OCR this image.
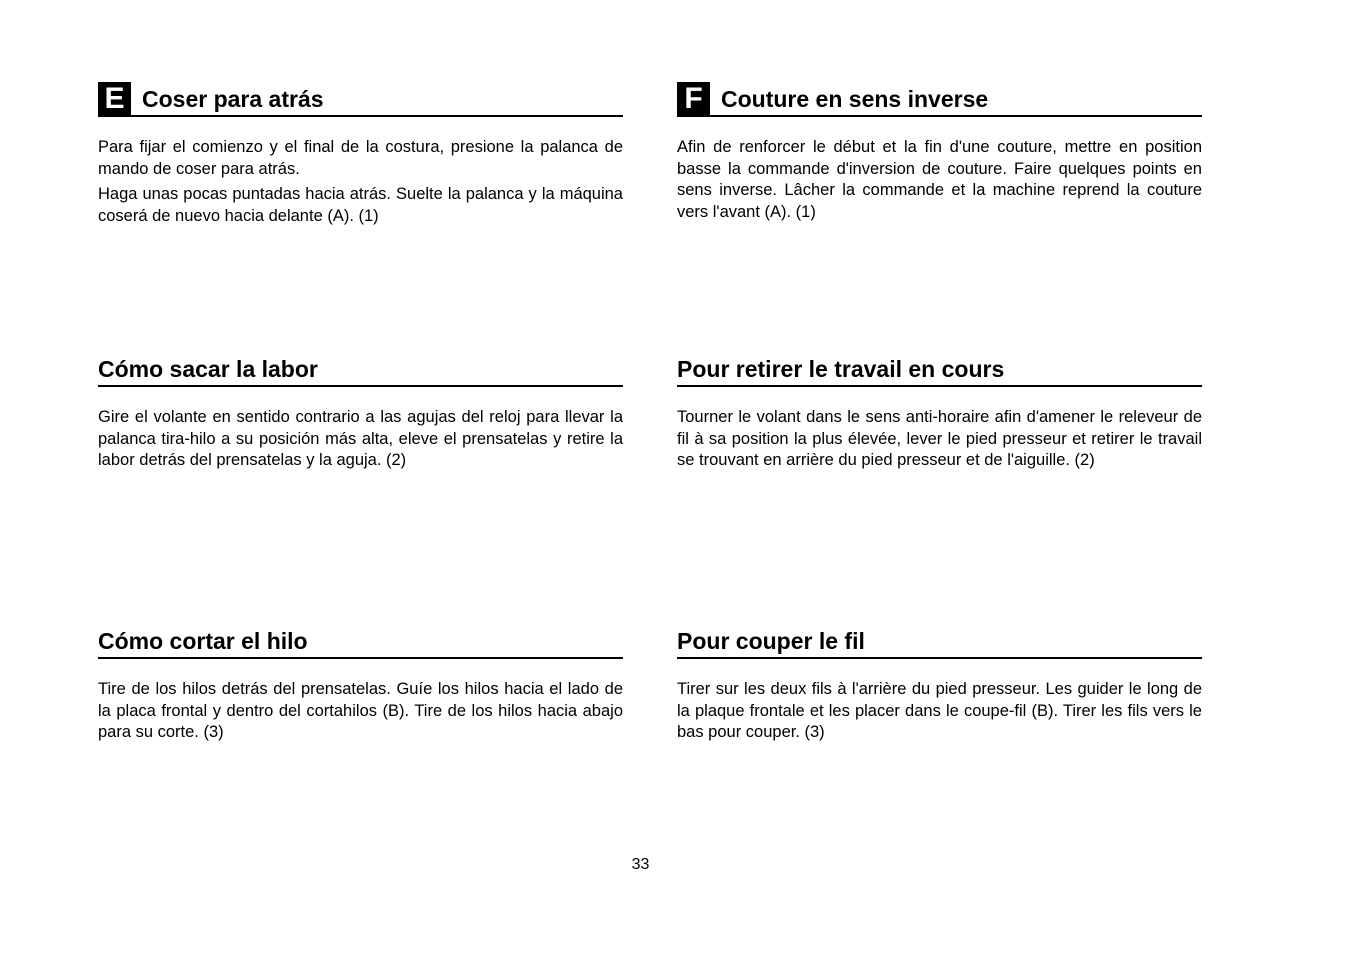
E Coser para atrás

Para fijar el comienzo y el final de la costura, presione la palanca de mando de coser para atrás.

Haga unas pocas puntadas hacia atrás. Suelte la palanca y la máquina coserá de nuevo hacia delante (A). (1)

Cómo sacar la labor

Gire el volante en sentido contrario a las agujas del reloj para llevar la palanca tira-hilo a su posición más alta, eleve el prensatelas y retire la labor detrás del prensatelas y la aguja. (2)

Cómo cortar el hilo

Tire de los hilos detrás del prensatelas. Guíe los hilos hacia el lado de la placa frontal y dentro del cortahilos (B). Tire de los hilos hacia abajo para su corte. (3)

F Couture en sens inverse

Afin de renforcer le début et la fin d'une couture, mettre en position basse la commande d'inversion de couture. Faire quelques points en sens inverse. Lâcher la commande et la machine reprend la couture vers l'avant (A). (1)

Pour retirer le travail en cours

Tourner le volant dans le sens anti-horaire afin d'amener le releveur de fil à sa position la plus élevée, lever le pied presseur et retirer le travail se trouvant en arrière du pied presseur et de l'aiguille. (2)

Pour couper le fil

Tirer sur les deux fils à l'arrière du pied presseur. Les guider le long de la plaque frontale et les placer dans le coupe-fil (B). Tirer les fils vers le bas pour couper. (3)

33
